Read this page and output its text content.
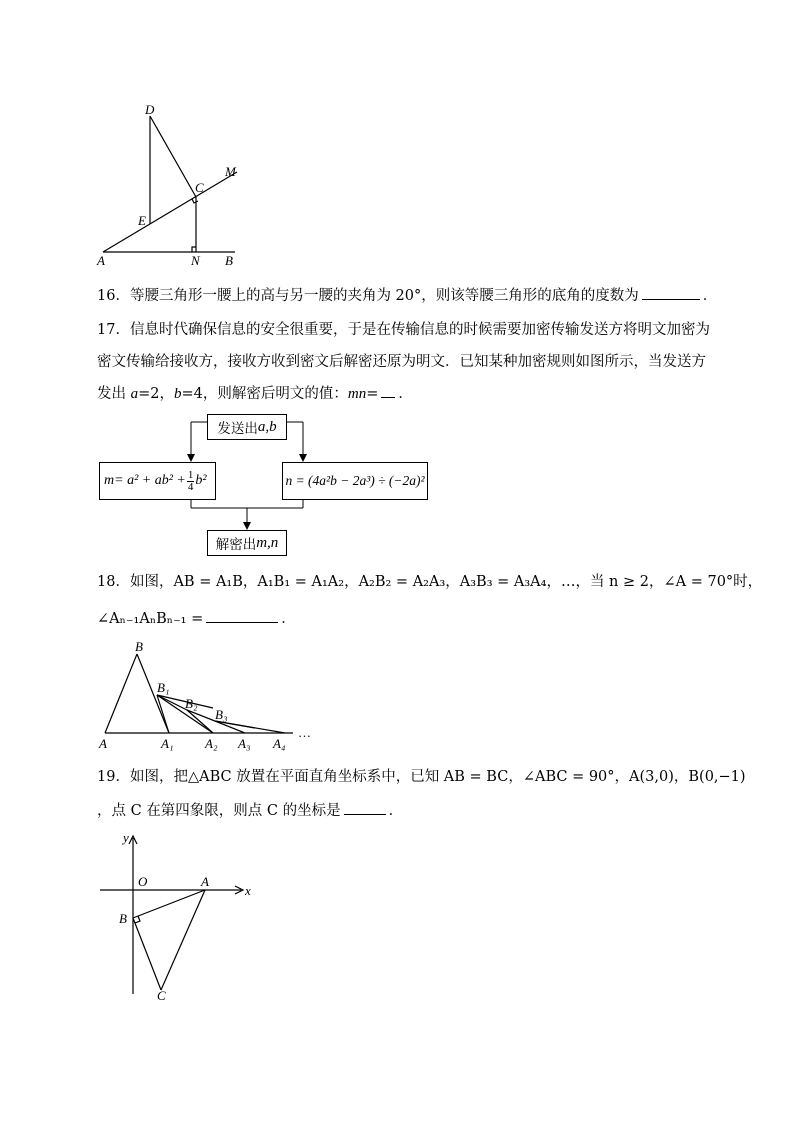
D
C
M
E
A	N B
16．等腰三角形一腰上的高与另一腰的夹角为 20°，则该等腰三角形的底角的度数为	．
17．信息时代确保信息的安全很重要，于是在传输信息的时候需要加密传输发送方将明文加密为
密文传输给接收方，接收方收到密文后解密还原为明文．已知某种加密规则如图所示，当发送方
发出 a=2，b=4，则解密后明文的值：mn= ．
发送出 a,b
$m = a^2 + ab^2 + \frac{1}{4} b^2$	n = (4a²b − 2a³) ÷ (−2a)²
解密出 m,n
18．如图，AB = A₁B，A₁B₁ = A₁A₂，A₂B₂ = A₂A₃，A₃B₃ = A₃A₄，…，当 n ≥ 2，∠A = 70°时，
∠Aₙ₋₁AₙBₙ₋₁ =	．
B
B₁
B₂
B₃
A	A₁ A₂ A₃ A₄
…
19．如图，把△ABC 放置在平面直角坐标系中，已知 AB = BC，∠ABC = 90°，A(3,0)，B(0,−1)
，点 C 在第四象限，则点 C 的坐标是	．
y
x
O	A
B
C
